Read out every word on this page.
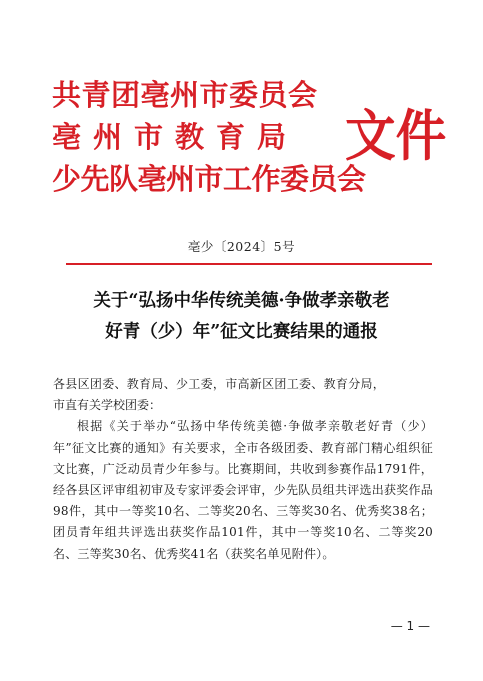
共青团亳州市委员会
亳州市教育局
少先队亳州市工作委员会
文件
亳少〔2024〕5号
关于“弘扬中华传统美德·争做孝亲敬老
好青（少）年”征文比赛结果的通报

各县区团委、教育局、少工委，市高新区团工委、教育分局，

市直有关学校团委：

根据《关于举办“弘扬中华传统美德·争做孝亲敬老好青（少）年”征文比赛的通知》有关要求，全市各级团委、教育部门精心组织征文比赛，广泛动员青少年参与。比赛期间，共收到参赛作品1791件，经各县区评审组初审及专家评委会评审，少先队员组共评选出获奖作品98件，其中一等奖10名、二等奖20名、三等奖30名、优秀奖38名；团员青年组共评选出获奖作品101件，其中一等奖10名、二等奖20名、三等奖30名、优秀奖41名（获奖名单见附件）。

— 1 —
